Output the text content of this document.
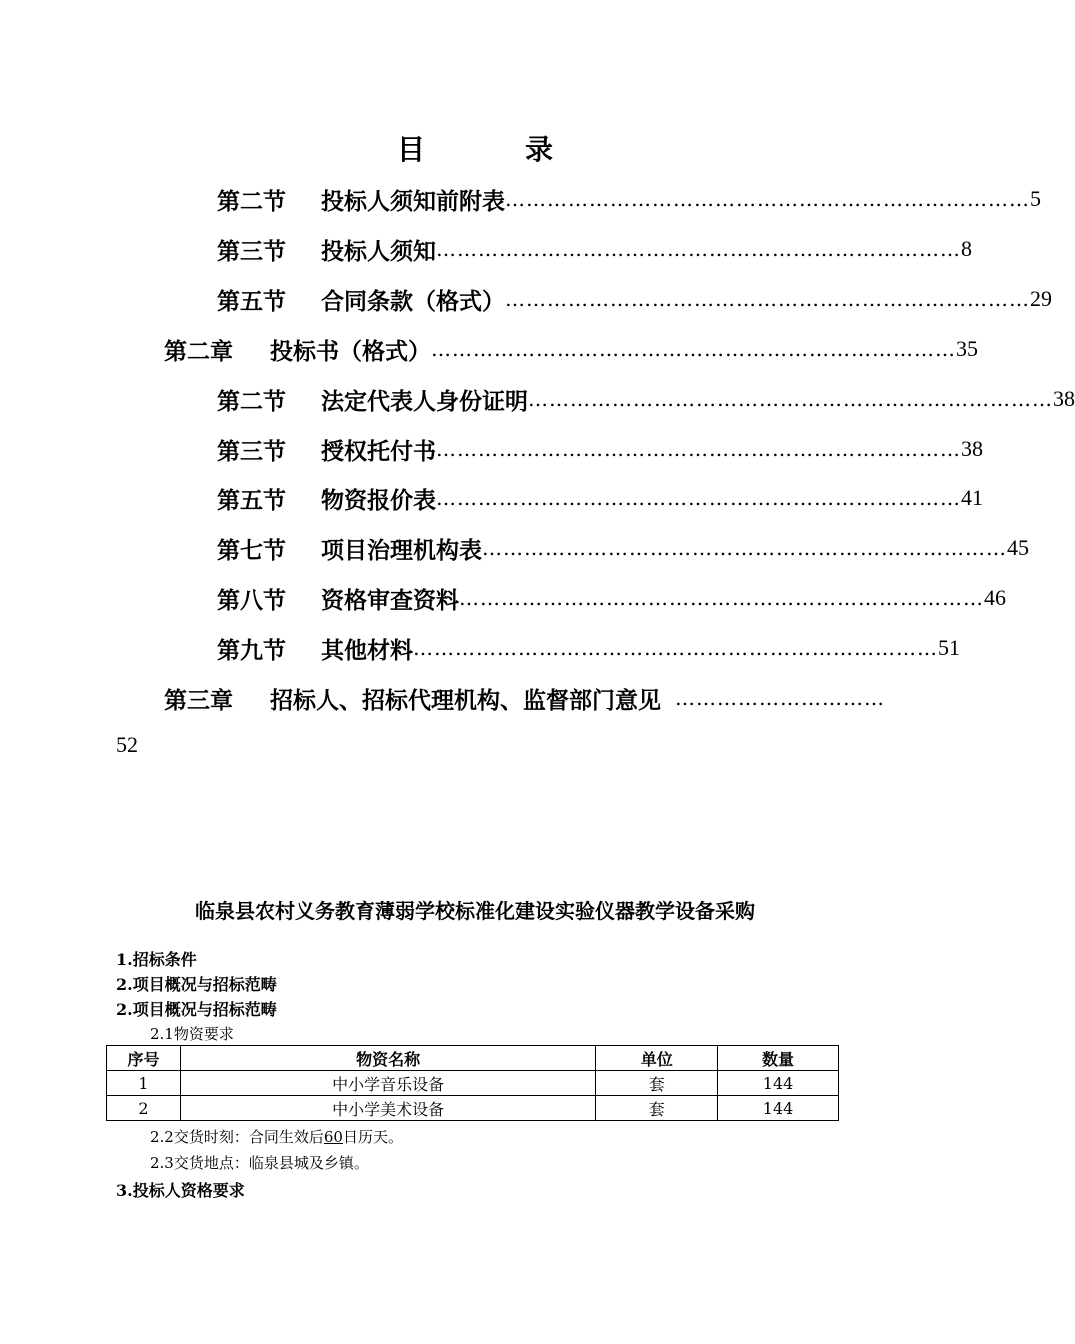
目	录
第二节	投标人须知前附表 ………………………………………………………………… 5
第三节	投标人须知 ………………………………………………………………… 8
第五节	合同条款（格式） ………………………………………………………………… 29
第二章	投标书（格式） ………………………………………………………………… 35
第二节	法定代表人身份证明 ………………………………………………………………… 38
第三节	授权托付书 ………………………………………………………………… 38
第五节	物资报价表 ………………………………………………………………… 41
第七节	项目治理机构表 ………………………………………………………………… 45
第八节	资格审查资料 ………………………………………………………………… 46
第九节	其他材料 ………………………………………………………………… 51
第三章	招标人、招标代理机构、监督部门意见 …………………………
52
临泉县农村义务教育薄弱学校标准化建设实验仪器教学设备采购
1.招标条件
2.项目概况与招标范畴
2.项目概况与招标范畴
2.1物资要求
序号	物资名称	单位	数量
1	中小学音乐设备	套	144
2	中小学美术设备	套	144
2.2交货时刻：合同生效后60日历天。
2.3交货地点：临泉县城及乡镇。
3.投标人资格要求
